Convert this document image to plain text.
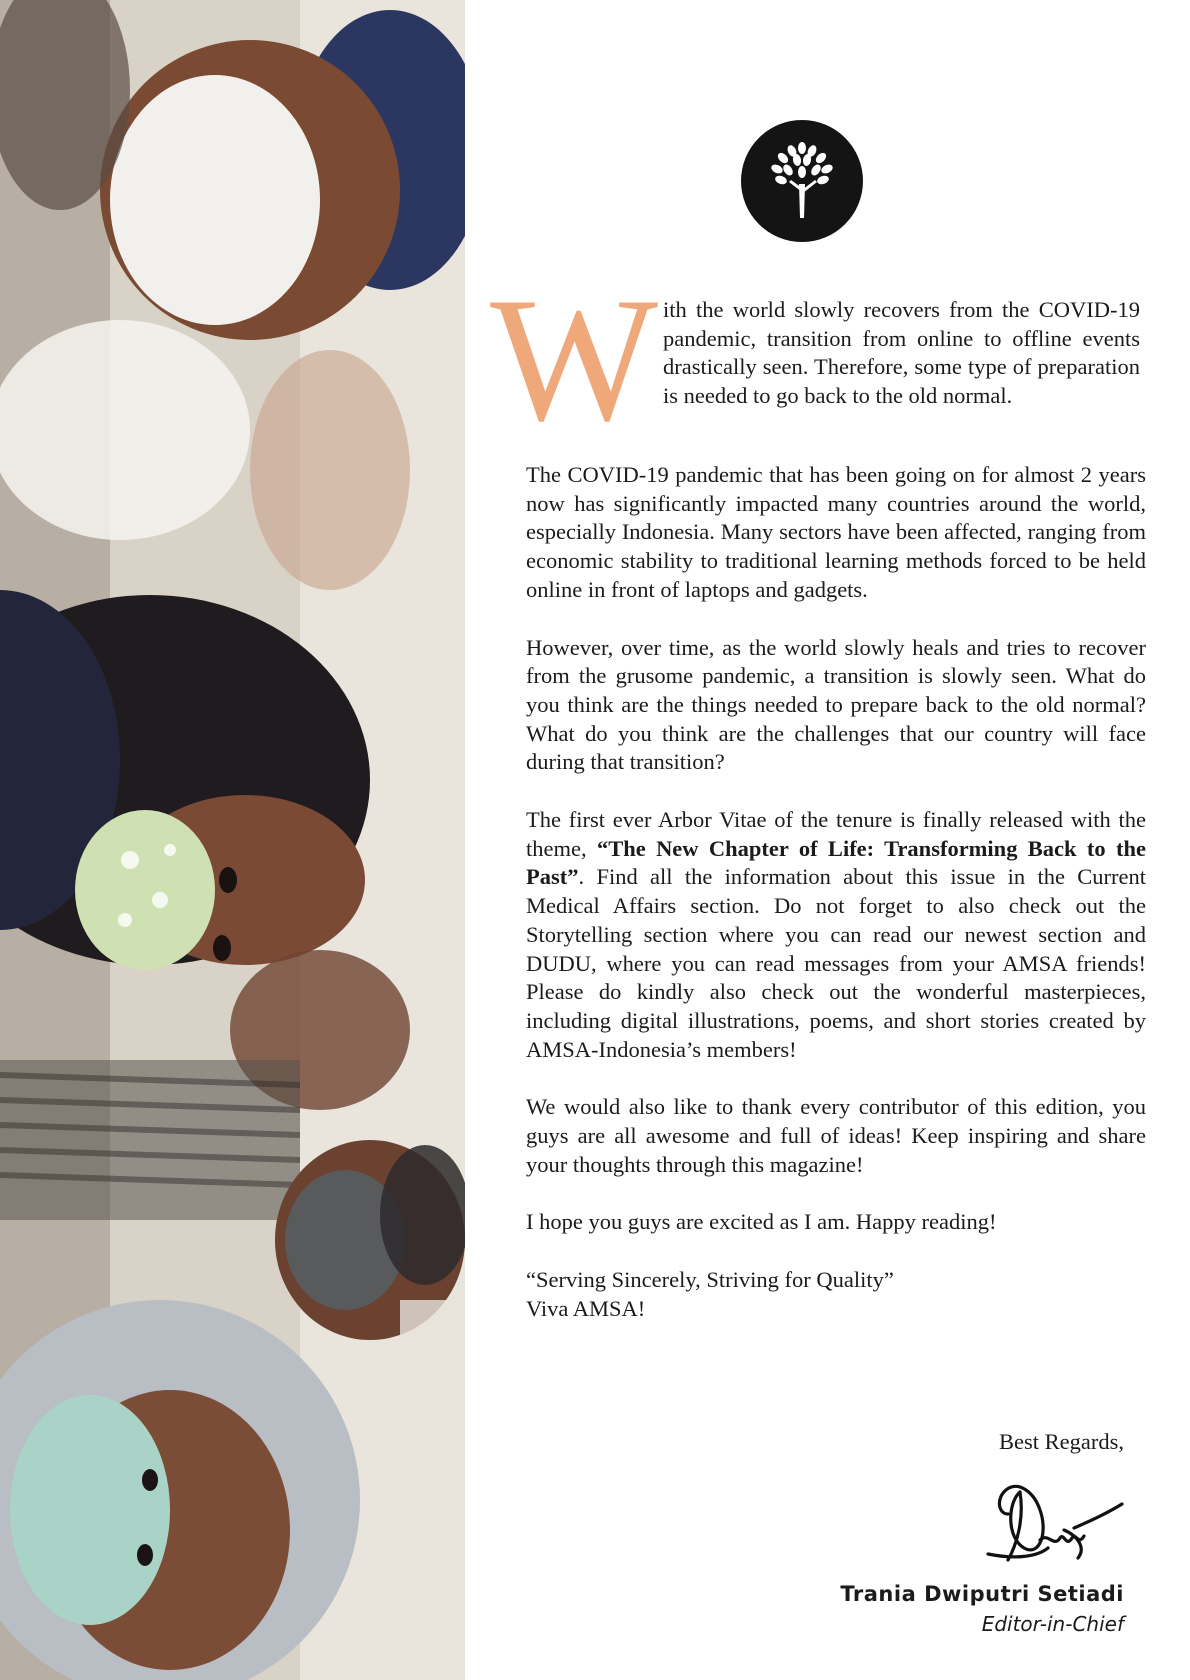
W ith the world slowly recovers from the COVID-19 pandemic, transition from online to offline events drastically seen. Therefore, some type of preparation is needed to go back to the old normal.

The COVID-19 pandemic that has been going on for almost 2 years now has significantly impacted many countries around the world, especially Indonesia. Many sectors have been affected, ranging from economic stability to traditional learning methods forced to be held online in front of laptops and gadgets.

However, over time, as the world slowly heals and tries to recover from the grusome pandemic, a transition is slowly seen. What do you think are the things needed to prepare back to the old normal? What do you think are the challenges that our country will face during that transition?

The first ever Arbor Vitae of the tenure is finally released with the theme, “The New Chapter of Life: Transforming Back to the Past”. Find all the information about this issue in the Current Medical Affairs section. Do not forget to also check out the Storytelling section where you can read our newest section and DUDU, where you can read messages from your AMSA friends! Please do kindly also check out the wonderful masterpieces, including digital illustrations, poems, and short stories created by AMSA-Indonesia’s members!

We would also like to thank every contributor of this edition, you guys are all awesome and full of ideas! Keep inspiring and share your thoughts through this magazine!

I hope you guys are excited as I am. Happy reading!

“Serving Sincerely, Striving for Quality”

Viva AMSA!

Best Regards,
Trania Dwiputri Setiadi
Editor-in-Chief
